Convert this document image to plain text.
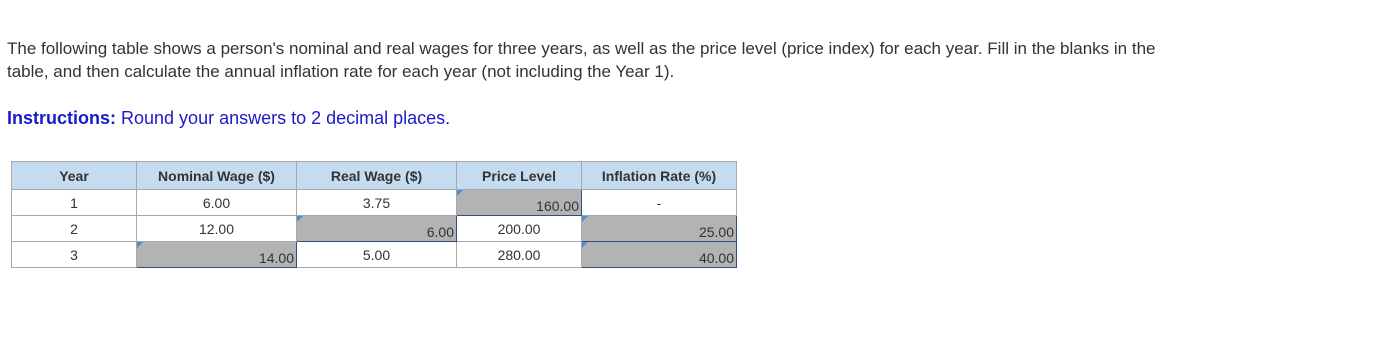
The following table shows a person's nominal and real wages for three years, as well as the price level (price index) for each year. Fill in the blanks in the table, and then calculate the annual inflation rate for each year (not including the Year 1).
Instructions: Round your answers to 2 decimal places.
Year	Nominal Wage ($)	Real Wage ($)	Price Level	Inflation Rate (%)
1	6.00	3.75	160.00	-
2	12.00	6.00	200.00	25.00
3	14.00	5.00	280.00	40.00
